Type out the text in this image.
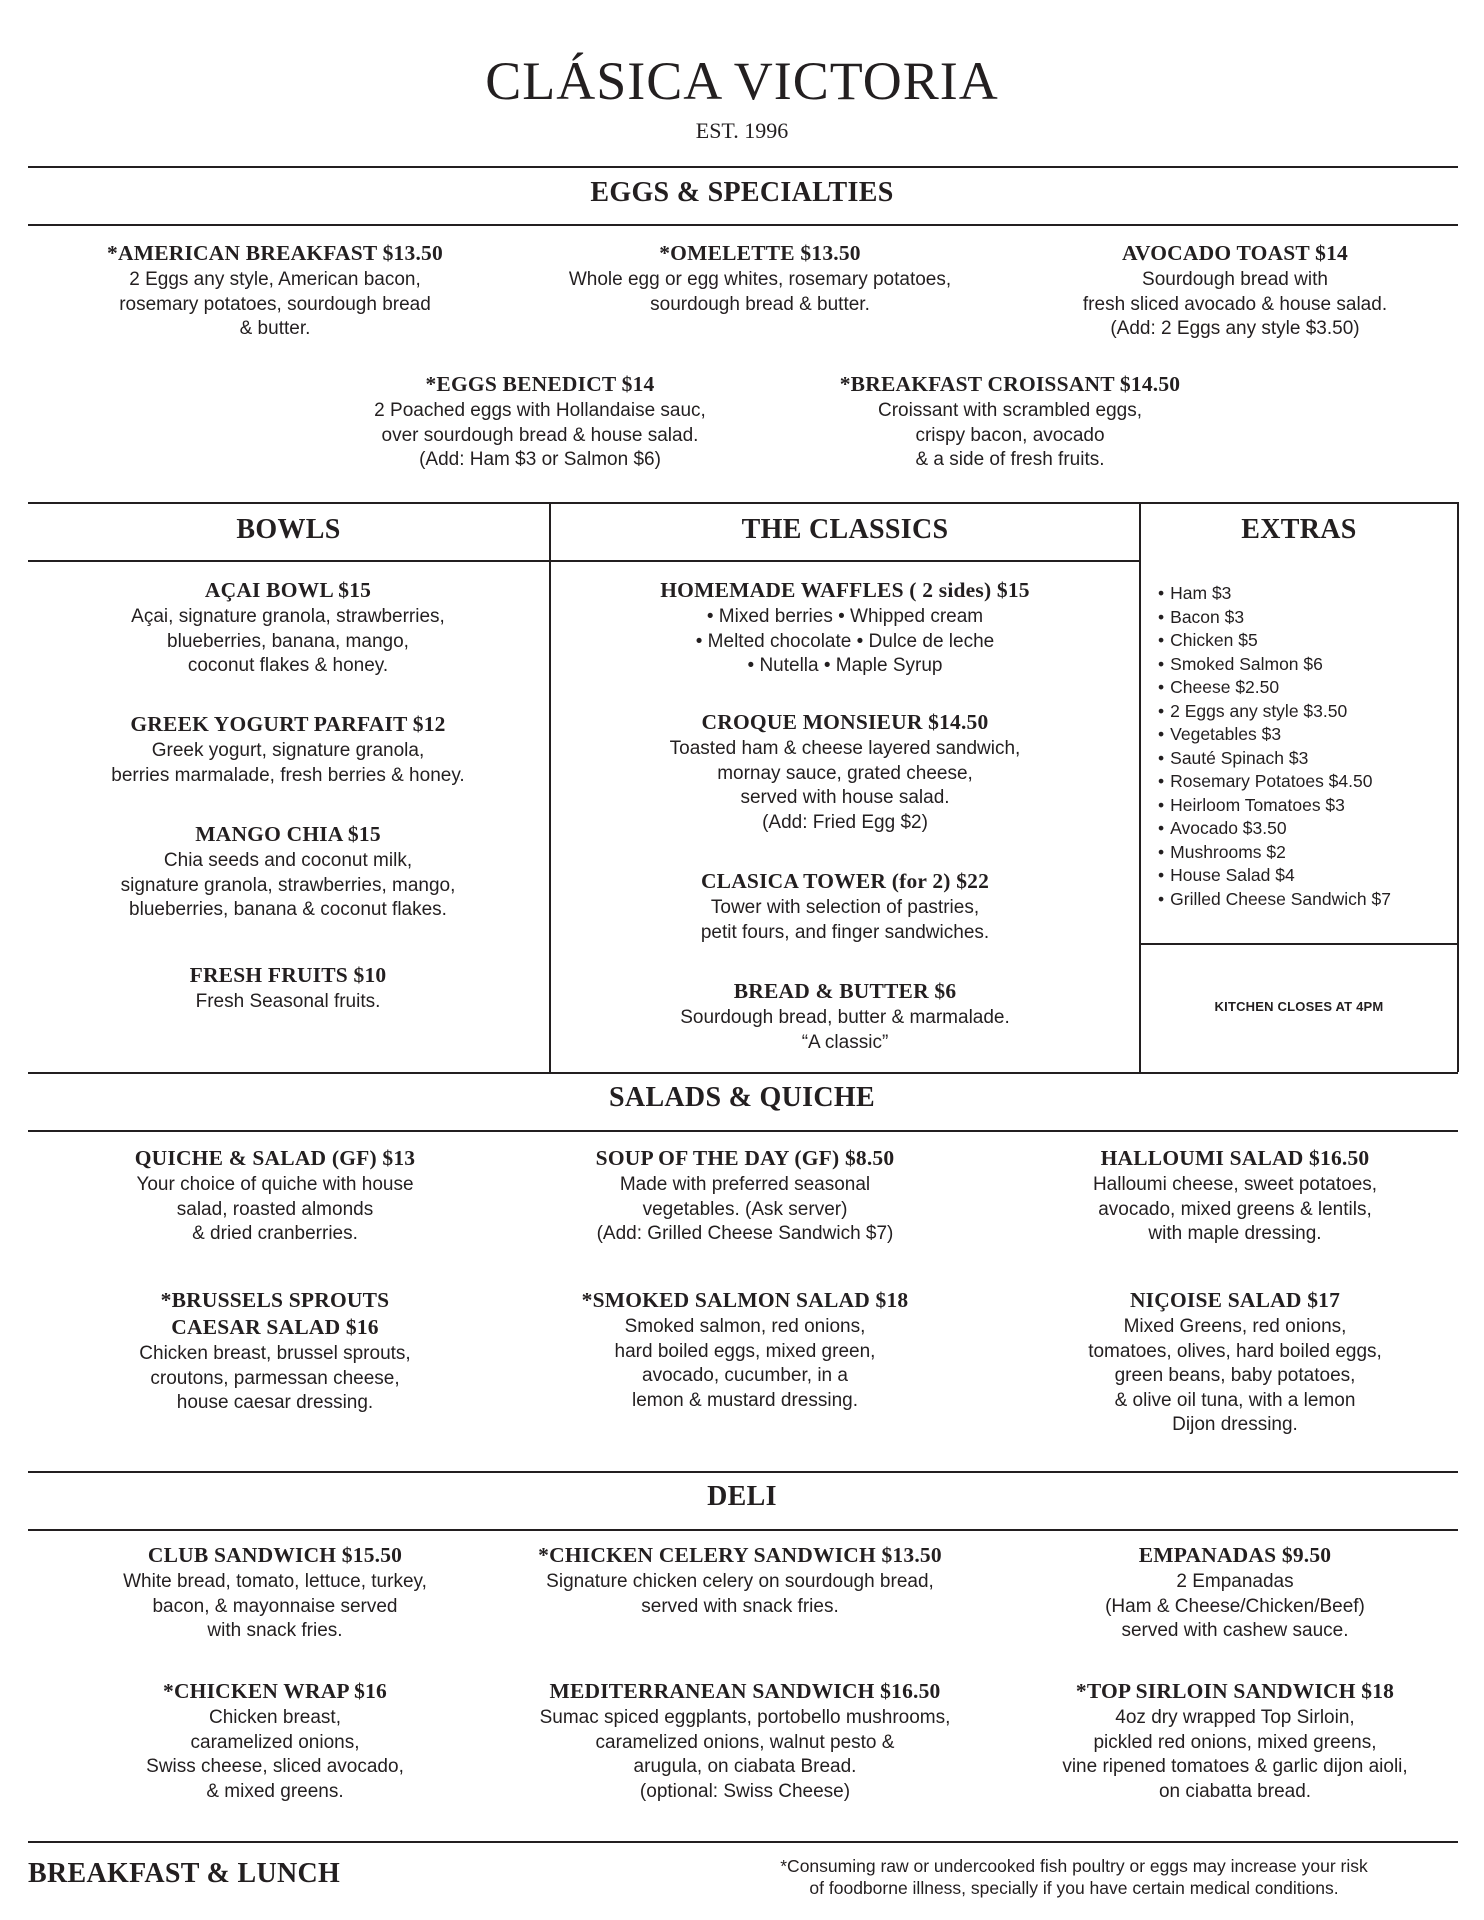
CLÁSICA VICTORIA
EST. 1996
EGGS & SPECIALTIES
*AMERICAN BREAKFAST $13.50
2 Eggs any style, American bacon,
rosemary potatoes, sourdough bread
& butter.
*OMELETTE $13.50
Whole egg or egg whites, rosemary potatoes,
sourdough bread & butter.
AVOCADO TOAST $14
Sourdough bread with
fresh sliced avocado & house salad.
(Add: 2 Eggs any style $3.50)
*EGGS BENEDICT $14
2 Poached eggs with Hollandaise sauc,
over sourdough bread & house salad.
(Add: Ham $3 or Salmon $6)
*BREAKFAST CROISSANT $14.50
Croissant with scrambled eggs,
crispy bacon, avocado
& a side of fresh fruits.
BOWLS	THE CLASSICS	EXTRAS
AÇAI BOWL $15
Açai, signature granola, strawberries,
blueberries, banana, mango,
coconut flakes & honey.
GREEK YOGURT PARFAIT $12
Greek yogurt, signature granola,
berries marmalade, fresh berries & honey.
MANGO CHIA $15
Chia seeds and coconut milk,
signature granola, strawberries, mango,
blueberries, banana & coconut flakes.
FRESH FRUITS $10
Fresh Seasonal fruits.
HOMEMADE WAFFLES ( 2 sides) $15
• Mixed berries • Whipped cream
• Melted chocolate • Dulce de leche
• Nutella • Maple Syrup
CROQUE MONSIEUR $14.50
Toasted ham & cheese layered sandwich,
mornay sauce, grated cheese,
served with house salad.
(Add: Fried Egg $2)
CLASICA TOWER (for 2) $22
Tower with selection of pastries,
petit fours, and finger sandwiches.
BREAD & BUTTER $6
Sourdough bread, butter & marmalade.
“A classic”
• Ham $3
• Bacon $3
• Chicken $5
• Smoked Salmon $6
• Cheese $2.50
• 2 Eggs any style $3.50
• Vegetables $3
• Sauté Spinach $3
• Rosemary Potatoes $4.50
• Heirloom Tomatoes $3
• Avocado $3.50
• Mushrooms $2
• House Salad $4
• Grilled Cheese Sandwich $7
KITCHEN CLOSES AT 4PM
SALADS & QUICHE
QUICHE & SALAD (GF) $13
Your choice of quiche with house
salad, roasted almonds
& dried cranberries.
SOUP OF THE DAY (GF) $8.50
Made with preferred seasonal
vegetables. (Ask server)
(Add: Grilled Cheese Sandwich $7)
HALLOUMI SALAD $16.50
Halloumi cheese, sweet potatoes,
avocado, mixed greens & lentils,
with maple dressing.
*BRUSSELS SPROUTS
CAESAR SALAD $16
Chicken breast, brussel sprouts,
croutons, parmessan cheese,
house caesar dressing.
*SMOKED SALMON SALAD $18
Smoked salmon, red onions,
hard boiled eggs, mixed green,
avocado, cucumber, in a
lemon & mustard dressing.
NIÇOISE SALAD $17
Mixed Greens, red onions,
tomatoes, olives, hard boiled eggs,
green beans, baby potatoes,
& olive oil tuna, with a lemon
Dijon dressing.
DELI
CLUB SANDWICH $15.50
White bread, tomato, lettuce, turkey,
bacon, & mayonnaise served
with snack fries.
*CHICKEN CELERY SANDWICH $13.50
Signature chicken celery on sourdough bread,
served with snack fries.
EMPANADAS $9.50
2 Empanadas
(Ham & Cheese/Chicken/Beef)
served with cashew sauce.
*CHICKEN WRAP $16
Chicken breast,
caramelized onions,
Swiss cheese, sliced avocado,
& mixed greens.
MEDITERRANEAN SANDWICH $16.50
Sumac spiced eggplants, portobello mushrooms,
caramelized onions, walnut pesto &
arugula, on ciabata Bread.
(optional: Swiss Cheese)
*TOP SIRLOIN SANDWICH $18
4oz dry wrapped Top Sirloin,
pickled red onions, mixed greens,
vine ripened tomatoes & garlic dijon aioli,
on ciabatta bread.
BREAKFAST & LUNCH	*Consuming raw or undercooked fish poultry or eggs may increase your risk
of foodborne illness, specially if you have certain medical conditions.
